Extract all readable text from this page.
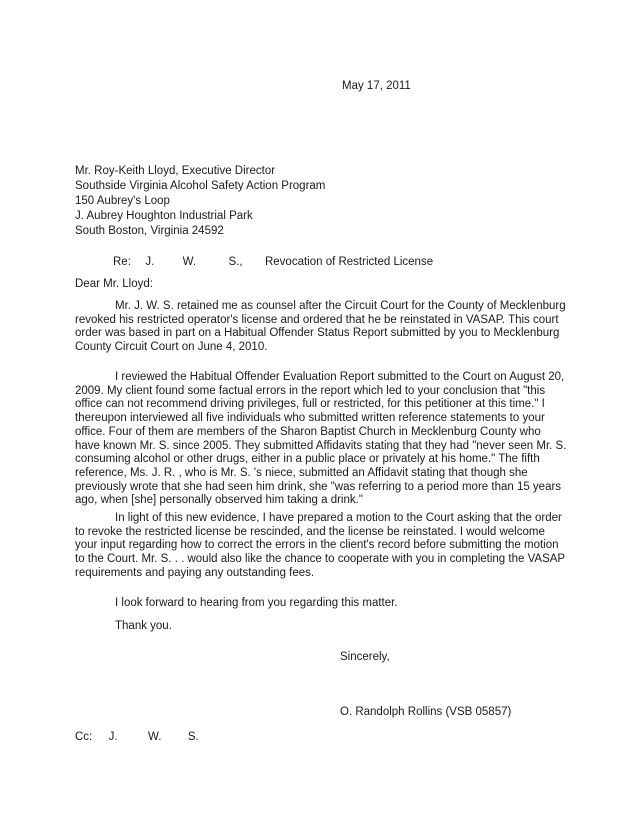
May 17, 2011
Mr. Roy-Keith Lloyd, Executive Director
Southside Virginia Alcohol Safety Action Program
150 Aubrey's Loop
J. Aubrey Houghton Industrial Park
South Boston, Virginia 24592
Re: J. W.	S., Revocation of Restricted License
Dear Mr. Lloyd:
Mr. J. W. S. retained me as counsel after the Circuit Court for the County of Mecklenburg revoked his restricted operator's license and ordered that he be reinstated in VASAP. This court order was based in part on a Habitual Offender Status Report submitted by you to Mecklenburg County Circuit Court on June 4, 2010.
I reviewed the Habitual Offender Evaluation Report submitted to the Court on August 20, 2009. My client found some factual errors in the report which led to your conclusion that "this office can not recommend driving privileges, full or restricted, for this petitioner at this time." I thereupon interviewed all five individuals who submitted written reference statements to your office. Four of them are members of the Sharon Baptist Church in Mecklenburg County who have known Mr. S. since 2005. They submitted Affidavits stating that they had "never seen Mr. S. consuming alcohol or other drugs, either in a public place or privately at his home." The fifth reference, Ms. J. R. , who is Mr. S. 's niece, submitted an Affidavit stating that though she previously wrote that she had seen him drink, she "was referring to a period more than 15 years ago, when [she] personally observed him taking a drink."
In light of this new evidence, I have prepared a motion to the Court asking that the order to revoke the restricted license be rescinded, and the license be reinstated. I would welcome your input regarding how to correct the errors in the client's record before submitting the motion to the Court. Mr. S. . . would also like the chance to cooperate with you in completing the VASAP requirements and paying any outstanding fees.
I look forward to hearing from you regarding this matter.
Thank you.
Sincerely,
O. Randolph Rollins (VSB 05857)
Cc: J.	W. S.
